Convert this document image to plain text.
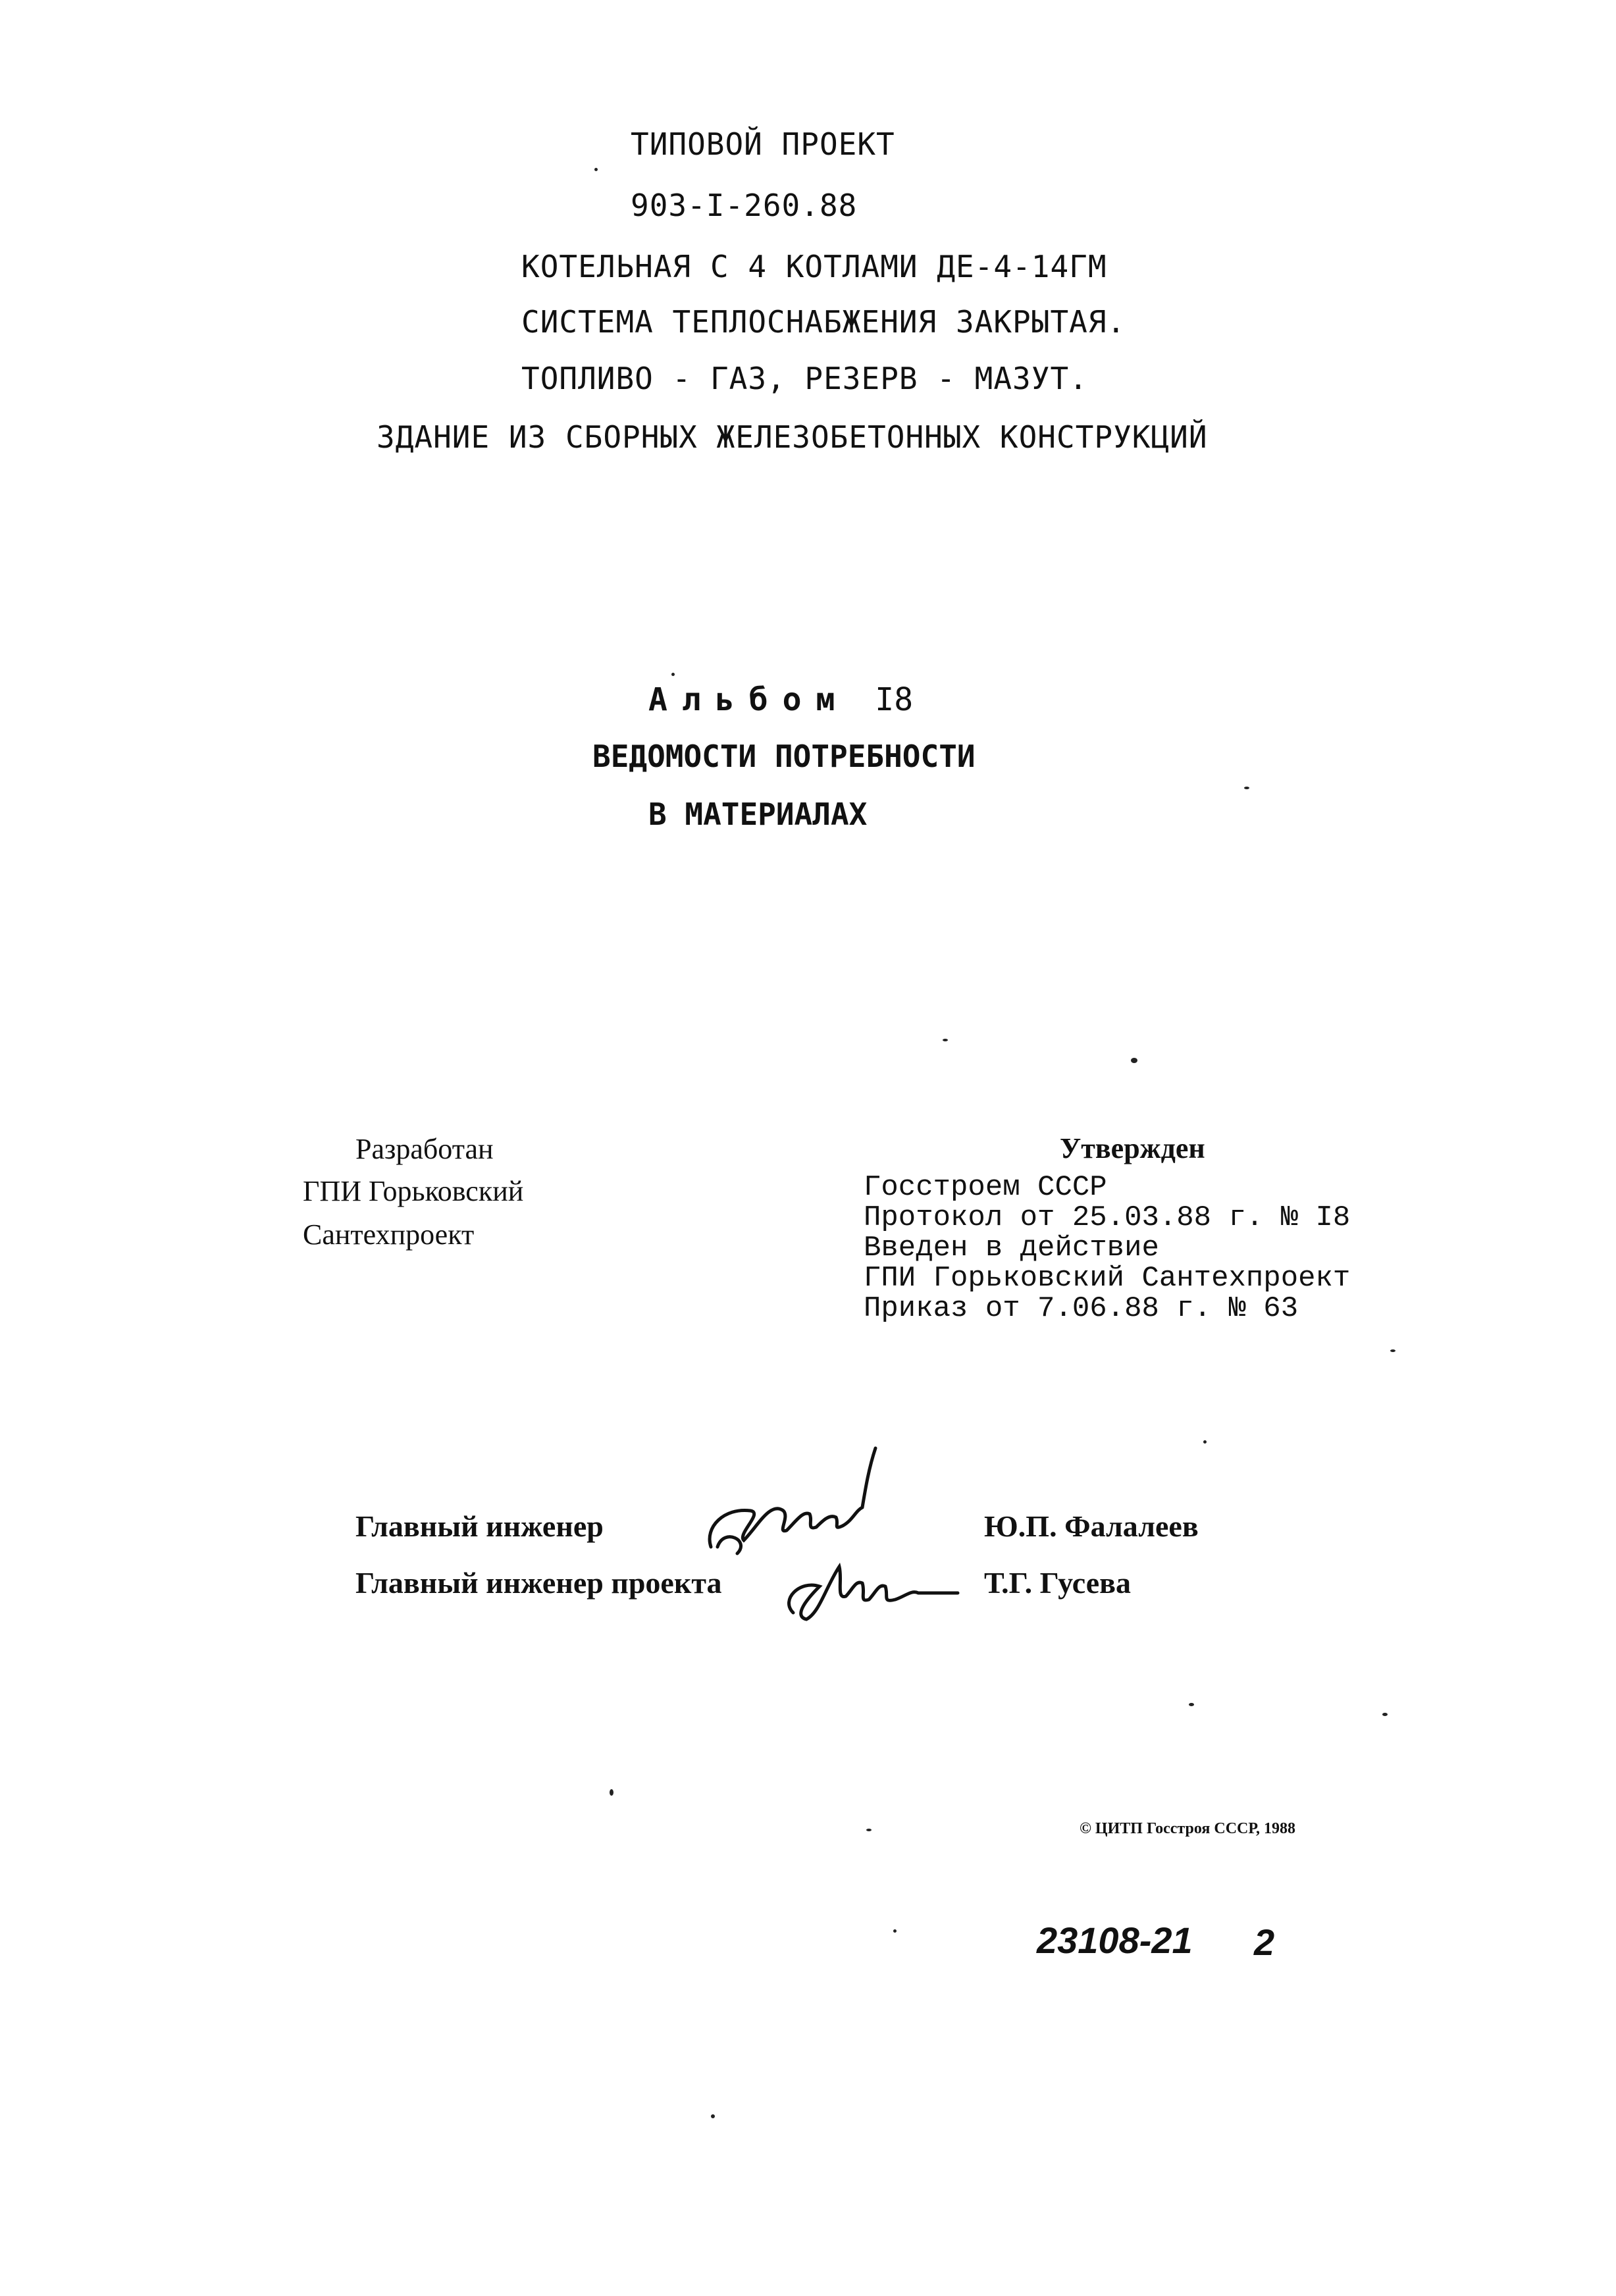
ТИПОВОЙ ПРОЕКТ
903-I-260.88
КОТЕЛЬНАЯ С 4 КОТЛАМИ ДЕ-4-14ГМ
СИСТЕМА ТЕПЛОСНАБЖЕНИЯ ЗАКРЫТАЯ.
ТОПЛИВО - ГАЗ, РЕЗЕРВ - МАЗУТ.
ЗДАНИЕ ИЗ СБОРНЫХ ЖЕЛЕЗОБЕТОННЫХ КОНСТРУКЦИЙ
Альбом I8
ВЕДОМОСТИ ПОТРЕБНОСТИ
В МАТЕРИАЛАХ
Разработан
ГПИ Горьковский
Сантехпроект
Утвержден
Госстроем СССР
Протокол от 25.03.88 г. № I8
Введен в действие
ГПИ Горьковский Сантехпроект
Приказ от 7.06.88 г. № 63
Главный инженер	Ю.П. Фалалеев
Главный инженер проекта	Т.Г. Гусева
© ЦИТП Госстроя СССР, 1988
23108-21 2
